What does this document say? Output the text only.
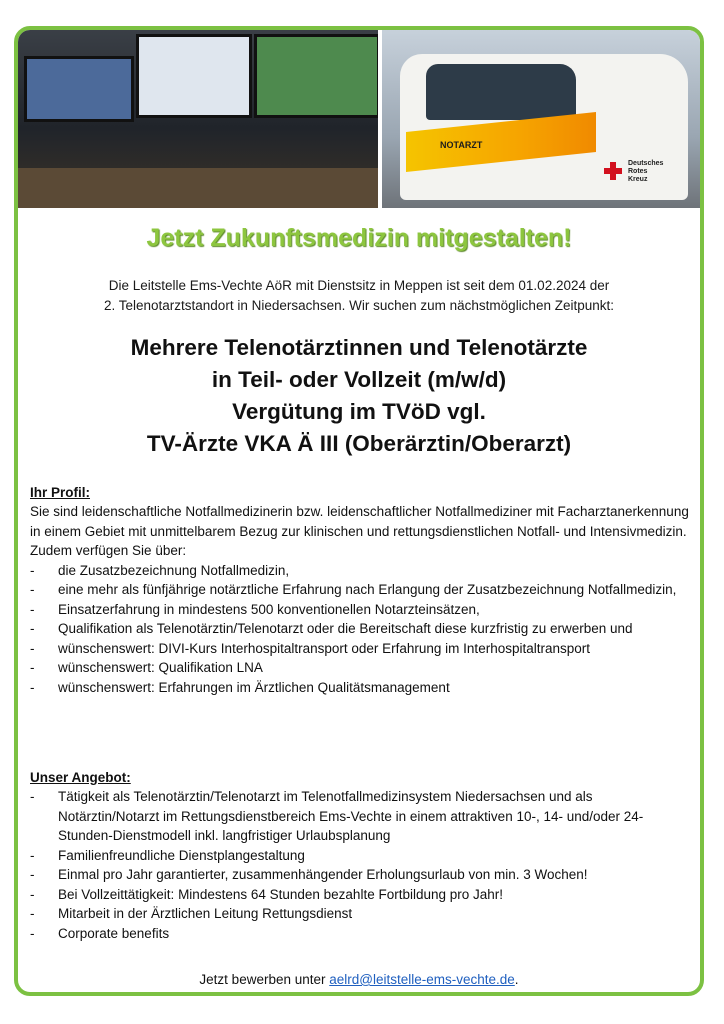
NOTARZT
Deutsches
Rotes
Kreuz
Jetzt Zukunftsmedizin mitgestalten!
Die Leitstelle Ems-Vechte AöR mit Dienstsitz in Meppen ist seit dem 01.02.2024 der
2. Telenotarztstandort in Niedersachsen. Wir suchen zum nächstmöglichen Zeitpunkt:
Mehrere Telenotärztinnen und Telenotärzte
in Teil- oder Vollzeit (m/w/d)
Vergütung im TVöD vgl.
TV-Ärzte VKA Ä III (Oberärztin/Oberarzt)
Ihr Profil:
Sie sind leidenschaftliche Notfallmedizinerin bzw. leidenschaftlicher Notfallmediziner mit Facharztanerkennung in einem Gebiet mit unmittelbarem Bezug zur klinischen und rettungsdienstlichen Notfall- und Intensivmedizin. Zudem verfügen Sie über:
- die Zusatzbezeichnung Notfallmedizin,
- eine mehr als fünfjährige notärztliche Erfahrung nach Erlangung der Zusatzbezeichnung Notfallmedizin,
- Einsatzerfahrung in mindestens 500 konventionellen Notarzteinsätzen,
- Qualifikation als Telenotärztin/Telenotarzt oder die Bereitschaft diese kurzfristig zu erwerben und
- wünschenswert: DIVI-Kurs Interhospitaltransport oder Erfahrung im Interhospitaltransport
- wünschenswert: Qualifikation LNA
- wünschenswert: Erfahrungen im Ärztlichen Qualitätsmanagement
Unser Angebot:
- Tätigkeit als Telenotärztin/Telenotarzt im Telenotfallmedizinsystem Niedersachsen und als Notärztin/Notarzt im Rettungsdienstbereich Ems-Vechte in einem attraktiven 10-, 14- und/oder 24-Stunden-Dienstmodell inkl. langfristiger Urlaubsplanung
- Familienfreundliche Dienstplangestaltung
- Einmal pro Jahr garantierter, zusammenhängender Erholungsurlaub von min. 3 Wochen!
- Bei Vollzeittätigkeit: Mindestens 64 Stunden bezahlte Fortbildung pro Jahr!
- Mitarbeit in der Ärztlichen Leitung Rettungsdienst
- Corporate benefits
Jetzt bewerben unter aelrd@leitstelle-ems-vechte.de.
